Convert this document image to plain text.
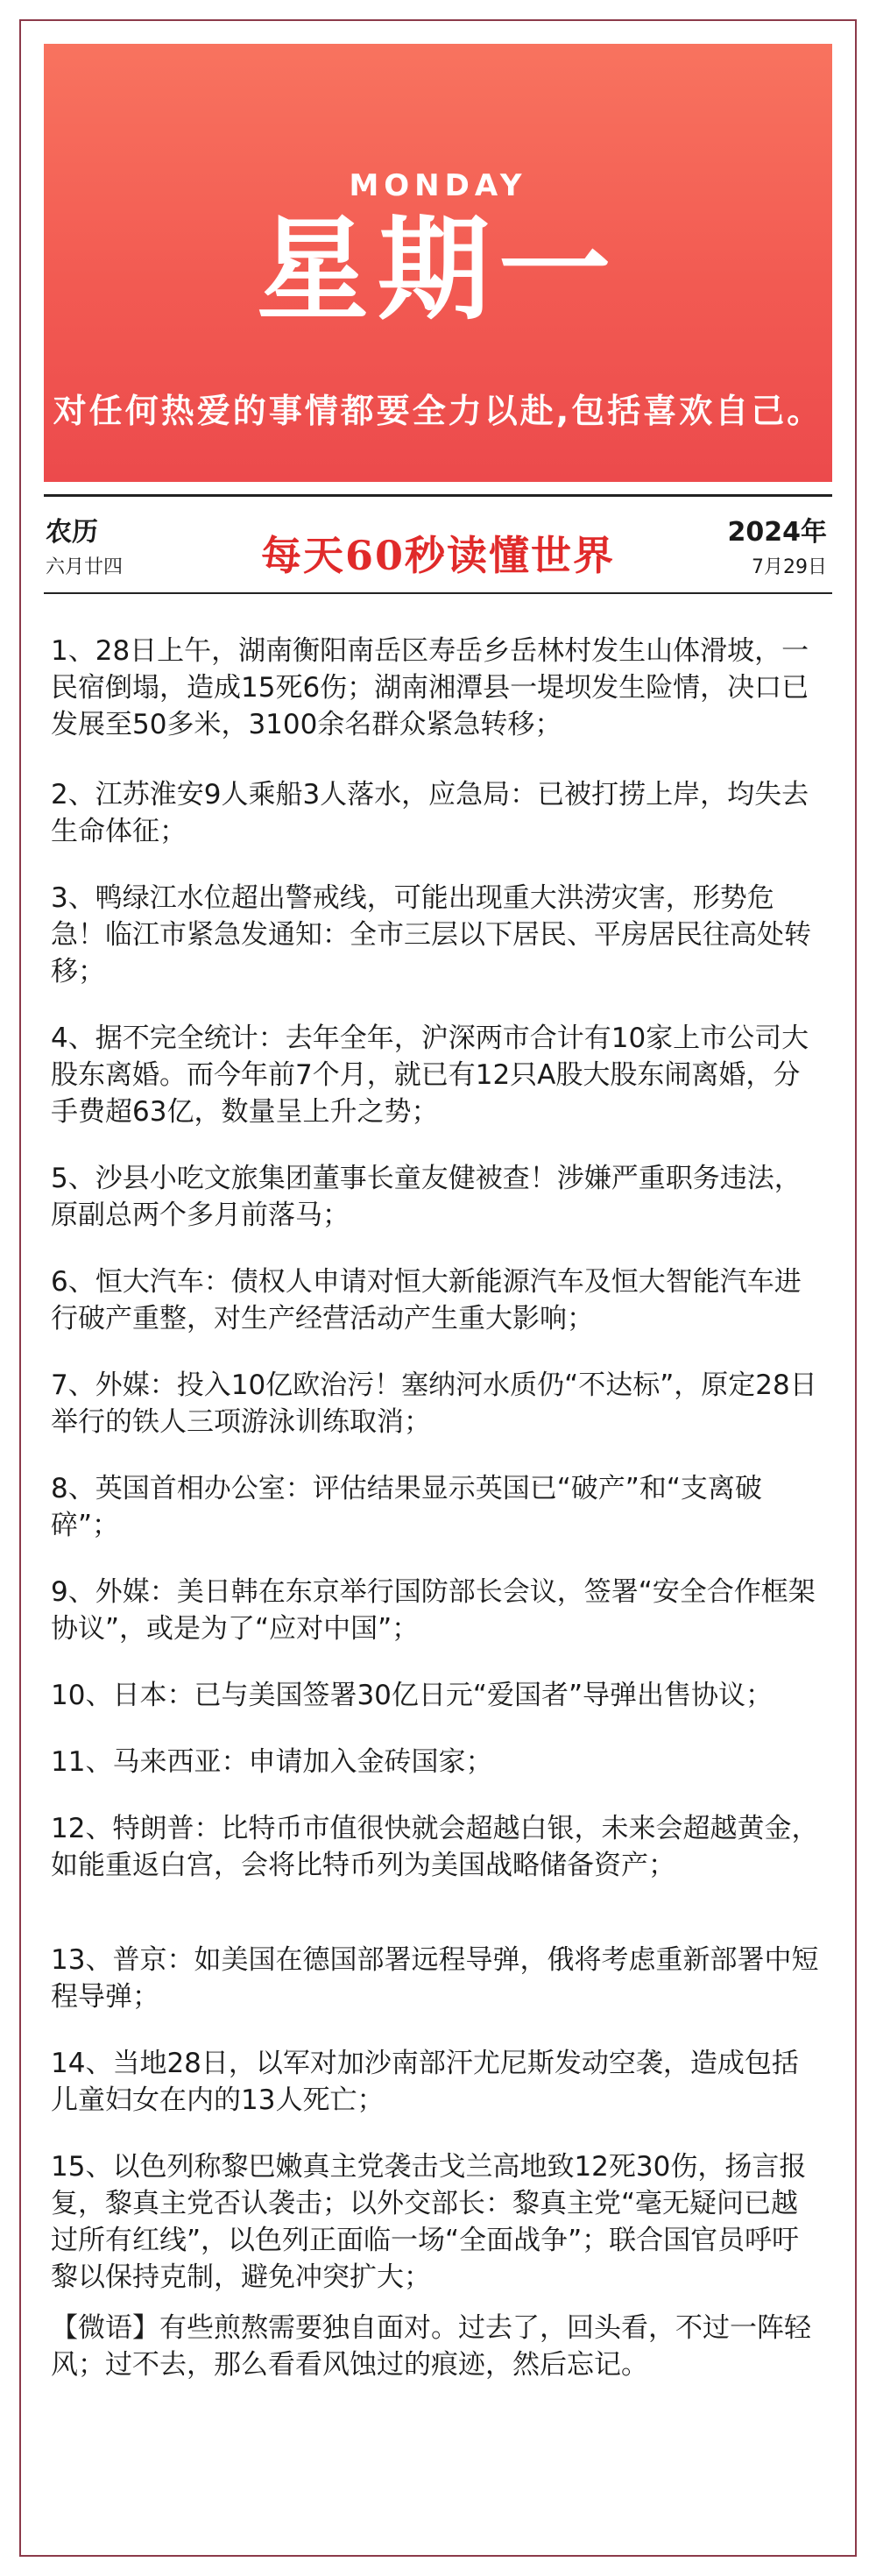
MONDAY
星期一
对任何热爱的事情都要全力以赴,包括喜欢自己。
农历
六月廿四	每天60秒读懂世界	2024年
7月29日

1、28日上午，湖南衡阳南岳区寿岳乡岳林村发生山体滑坡，一民宿倒塌，造成15死6伤；湖南湘潭县一堤坝发生险情，决口已发展至50多米，3100余名群众紧急转移；

2、江苏淮安9人乘船3人落水，应急局：已被打捞上岸，均失去生命体征；

3、鸭绿江水位超出警戒线，可能出现重大洪涝灾害，形势危急！临江市紧急发通知：全市三层以下居民、平房居民往高处转移；

4、据不完全统计：去年全年，沪深两市合计有10家上市公司大股东离婚。而今年前7个月，就已有12只A股大股东闹离婚，分手费超63亿，数量呈上升之势；

5、沙县小吃文旅集团董事长童友健被查！涉嫌严重职务违法，原副总两个多月前落马；

6、恒大汽车：债权人申请对恒大新能源汽车及恒大智能汽车进行破产重整，对生产经营活动产生重大影响；

7、外媒：投入10亿欧治污！塞纳河水质仍“不达标”，原定28日举行的铁人三项游泳训练取消；

8、英国首相办公室：评估结果显示英国已“破产”和“支离破碎”；

9、外媒：美日韩在东京举行国防部长会议，签署“安全合作框架协议”，或是为了“应对中国”；

10、日本：已与美国签署30亿日元“爱国者”导弹出售协议；

11、马来西亚：申请加入金砖国家；

12、特朗普：比特币市值很快就会超越白银，未来会超越黄金，如能重返白宫，会将比特币列为美国战略储备资产；

13、普京：如美国在德国部署远程导弹，俄将考虑重新部署中短程导弹；

14、当地28日，以军对加沙南部汗尤尼斯发动空袭，造成包括儿童妇女在内的13人死亡；

15、以色列称黎巴嫩真主党袭击戈兰高地致12死30伤，扬言报复，黎真主党否认袭击；以外交部长：黎真主党“毫无疑问已越过所有红线”，以色列正面临一场“全面战争”；联合国官员呼吁黎以保持克制，避免冲突扩大；

【微语】有些煎熬需要独自面对。过去了，回头看，不过一阵轻风；过不去，那么看看风蚀过的痕迹，然后忘记。
